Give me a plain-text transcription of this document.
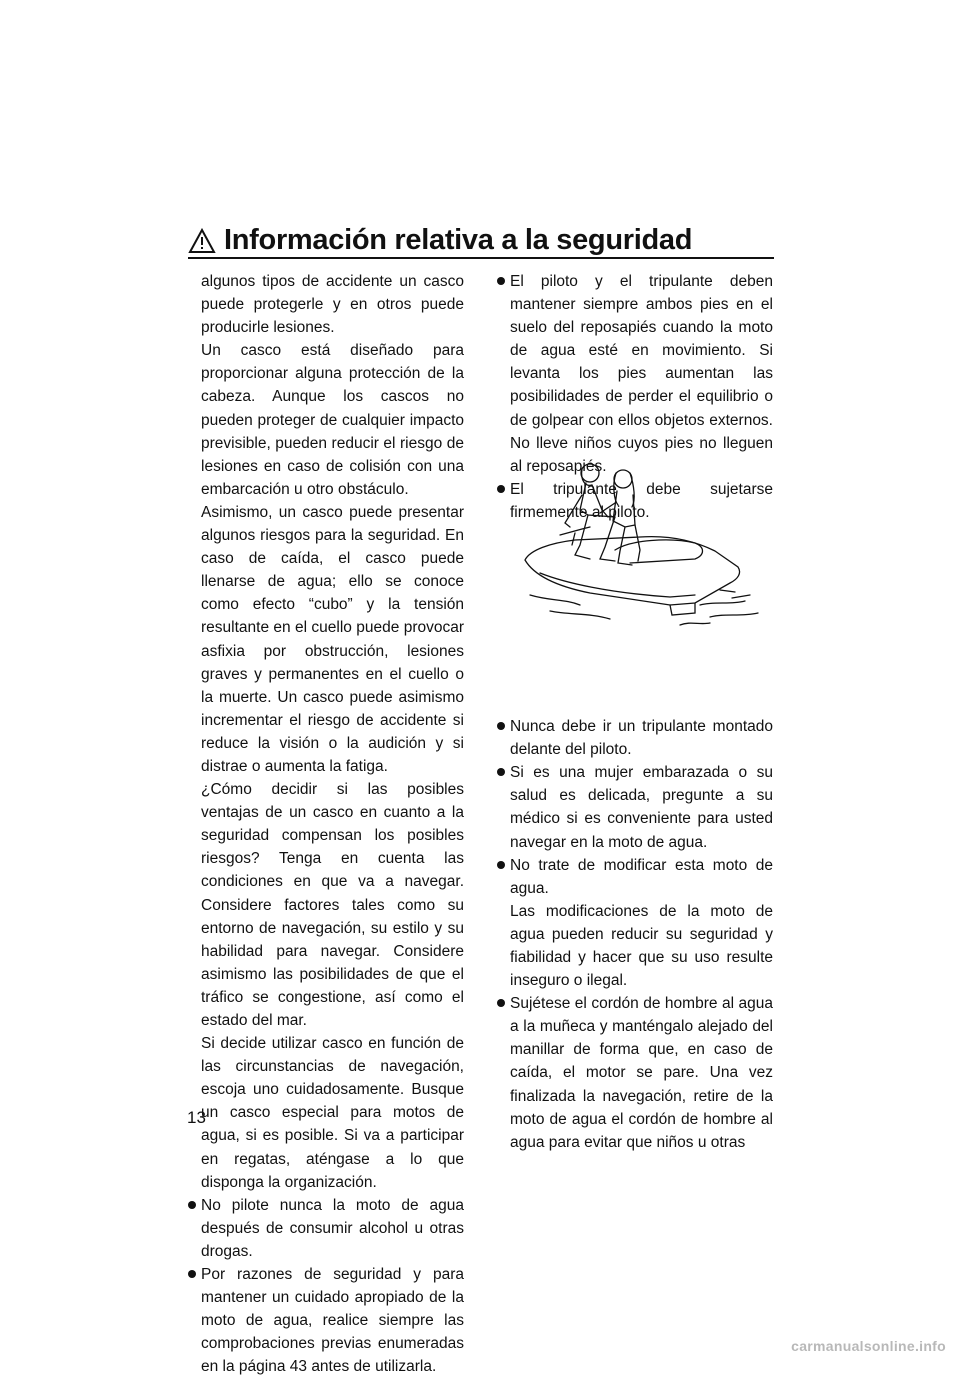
Información relativa a la seguridad

algunos tipos de accidente un casco puede protegerle y en otros puede producirle lesiones.

Un casco está diseñado para proporcionar alguna protección de la cabeza. Aunque los cascos no pueden proteger de cualquier impacto previsible, pueden reducir el riesgo de lesiones en caso de colisión con una embarcación u otro obstáculo.

Asimismo, un casco puede presentar algunos riesgos para la seguridad. En caso de caída, el casco puede llenarse de agua; ello se conoce como efecto “cubo” y la tensión resultante en el cuello puede provocar asfixia por obstrucción, lesiones graves y permanentes en el cuello o la muerte. Un casco puede asimismo incrementar el riesgo de accidente si reduce la visión o la audición y si distrae o aumenta la fatiga.

¿Cómo decidir si las posibles ventajas de un casco en cuanto a la seguridad compensan los posibles riesgos? Tenga en cuenta las condiciones en que va a navegar. Considere factores tales como su entorno de navegación, su estilo y su habilidad para navegar. Considere asimismo las posibilidades de que el tráfico se congestione, así como el estado del mar.

Si decide utilizar casco en función de las circunstancias de navegación, escoja uno cuidadosamente. Busque un casco especial para motos de agua, si es posible. Si va a participar en regatas, aténgase a lo que disponga la organización.

No pilote nunca la moto de agua después de consumir alcohol u otras drogas.
Por razones de seguridad y para mantener un cuidado apropiado de la moto de agua, realice siempre las comprobaciones previas enumeradas en la página 43 antes de utilizarla.
El piloto y el tripulante deben mantener siempre ambos pies en el suelo del reposapiés cuando la moto de agua esté en movimiento. Si levanta los pies aumentan las posibilidades de perder el equilibrio o de golpear con ellos objetos externos. No lleve niños cuyos pies no lleguen al reposapiés.
El tripulante debe sujetarse firmemente al piloto.
Nunca debe ir un tripulante montado delante del piloto.
Si es una mujer embarazada o su salud es delicada, pregunte a su médico si es conveniente para usted navegar en la moto de agua.
No trate de modificar esta moto de agua.

Las modificaciones de la moto de agua pueden reducir su seguridad y fiabilidad y hacer que su uso resulte inseguro o ilegal.

Sujétese el cordón de hombre al agua a la muñeca y manténgalo alejado del manillar de forma que, en caso de caída, el motor se pare. Una vez finalizada la navegación, retire de la moto de agua el cordón de hombre al agua para evitar que niños u otras
13
carmanualsonline.info
